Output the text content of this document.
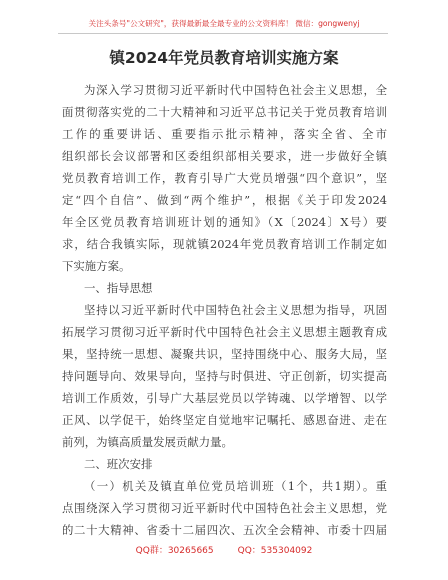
关注头条号"公文研究"，获得最新最全最专业的公文资料库！ 微信：gongwenyj
镇2024年党员教育培训实施方案
为深入学习贯彻习近平新时代中国特色社会主义思想，全
面贯彻落实党的二十大精神和习近平总书记关于党员教育培训
工作的重要讲话、重要指示批示精神，落实全省、全市
组织部长会议部署和区委组织部相关要求，进一步做好全镇
党员教育培训工作，教育引导广大党员增强“四个意识”，坚
定“四个自信”、做到“两个维护”，根据《关于印发2024
年全区党员教育培训班计划的通知》（X〔2024〕X号）要
求，结合我镇实际，现就镇2024年党员教育培训工作制定如
下实施方案。
一、指导思想
坚持以习近平新时代中国特色社会主义思想为指导，巩固
拓展学习贯彻习近平新时代中国特色社会主义思想主题教育成
果，坚持统一思想、凝聚共识，坚持围绕中心、服务大局，坚
持问题导向、效果导向，坚持与时俱进、守正创新，切实提高
培训工作质效，引导广大基层党员以学铸魂、以学增智、以学
正风、以学促干，始终坚定自觉地牢记嘱托、感恩奋进、走在
前列，为镇高质量发展贡献力量。
二、班次安排
（一）机关及镇直单位党员培训班（1个，共1期）。重
点围绕深入学习贯彻习近平新时代中国特色社会主义思想，党
的二十大精神、省委十二届四次、五次全会精神、市委十四届
QQ群：30265665	QQ：535304092
